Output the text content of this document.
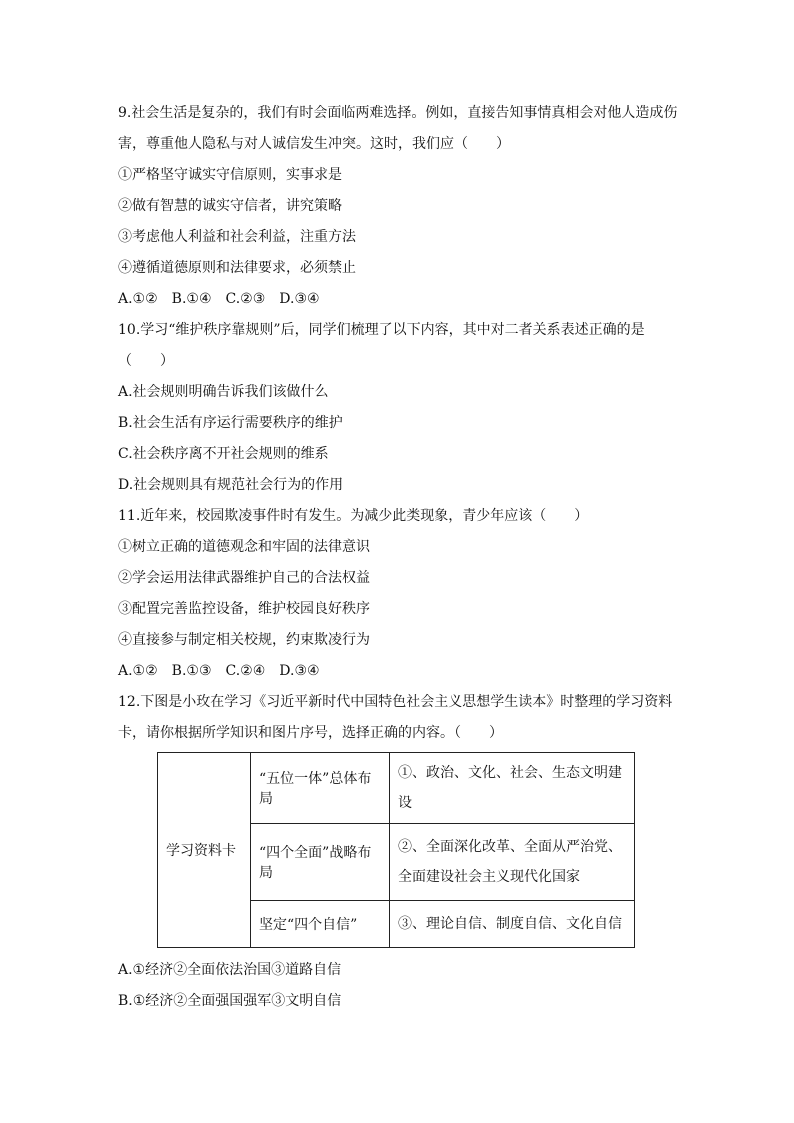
9.社会生活是复杂的，我们有时会面临两难选择。例如，直接告知事情真相会对他人造成伤
害，尊重他人隐私与对人诚信发生冲突。这时，我们应（　　）
①严格坚守诚实守信原则，实事求是
②做有智慧的诚实守信者，讲究策略
③考虑他人利益和社会利益，注重方法
④遵循道德原则和法律要求，必须禁止
A.①②　B.①④　C.②③　D.③④
10.学习“维护秩序靠规则”后，同学们梳理了以下内容，其中对二者关系表述正确的是
（　　）
A.社会规则明确告诉我们该做什么
B.社会生活有序运行需要秩序的维护
C.社会秩序离不开社会规则的维系
D.社会规则具有规范社会行为的作用
11.近年来，校园欺凌事件时有发生。为减少此类现象，青少年应该（　　）
①树立正确的道德观念和牢固的法律意识
②学会运用法律武器维护自己的合法权益
③配置完善监控设备，维护校园良好秩序
④直接参与制定相关校规，约束欺凌行为
A.①②　B.①③　C.②④　D.③④
12.下图是小玫在学习《习近平新时代中国特色社会主义思想学生读本》时整理的学习资料
卡，请你根据所学知识和图片序号，选择正确的内容。（　　）
学习资料卡	“五位一体”总体布局	①、政治、文化、社会、生态文明建设
	“四个全面”战略布局	②、全面深化改革、全面从严治党、全面建设社会主义现代化国家
	坚定“四个自信”	③、理论自信、制度自信、文化自信
A.①经济②全面依法治国③道路自信
B.①经济②全面强国强军③文明自信
